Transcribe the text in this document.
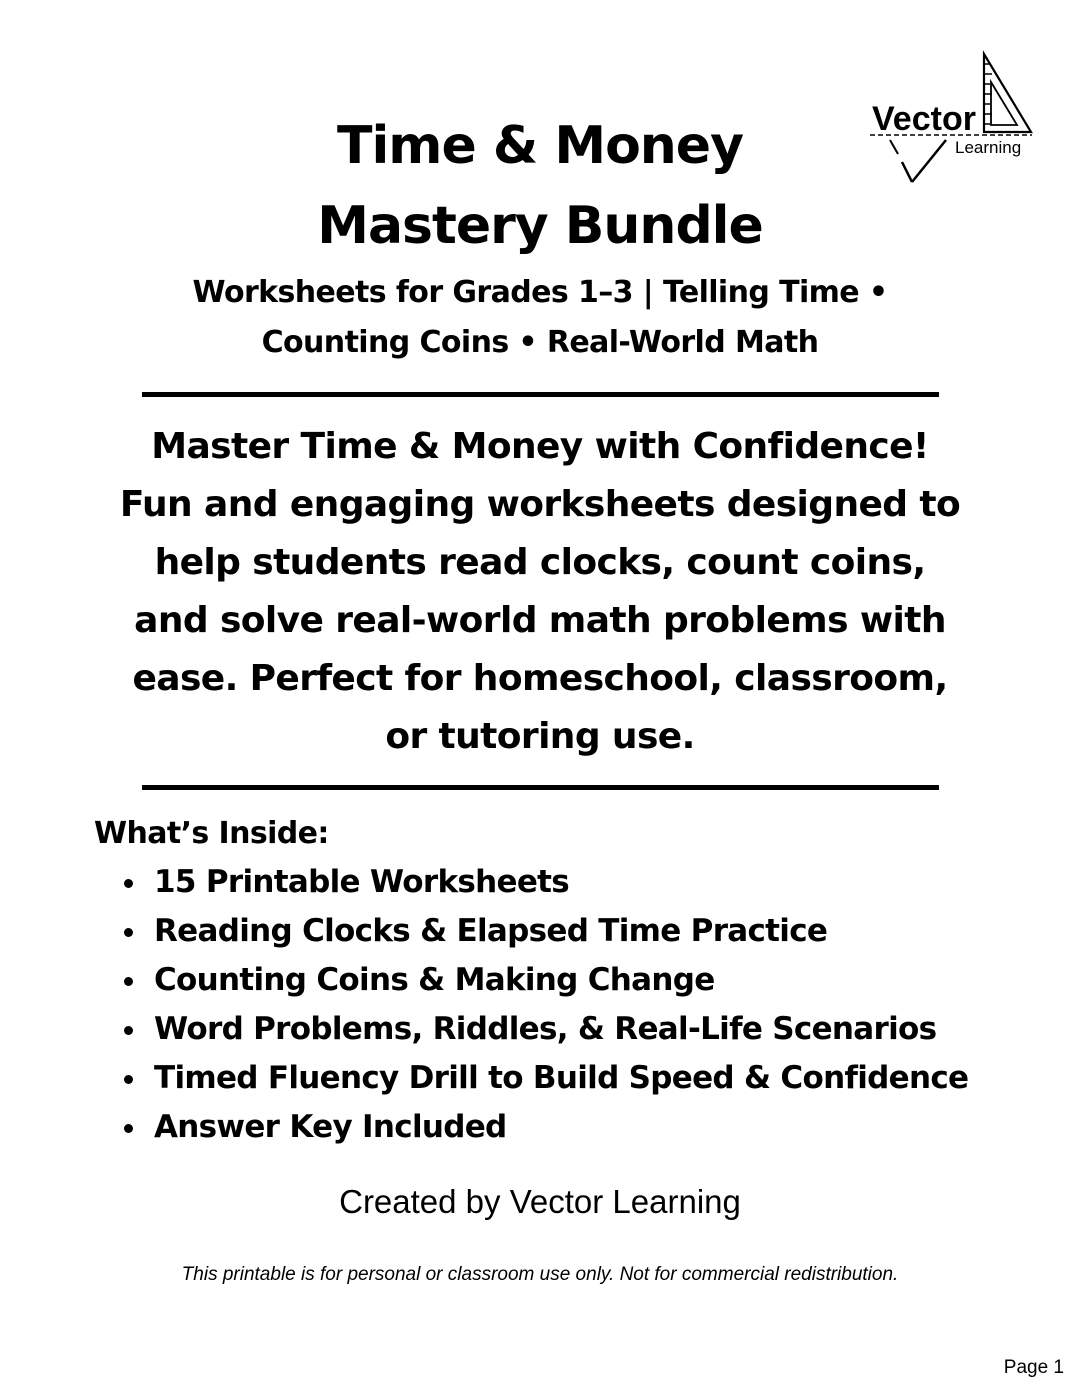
Vector
Learning
Time & Money
Mastery Bundle
Worksheets for Grades 1–3 | Telling Time •
Counting Coins • Real-World Math
Master Time & Money with Confidence!
Fun and engaging worksheets designed to
help students read clocks, count coins,
and solve real-world math problems with
ease. Perfect for homeschool, classroom,
or tutoring use.
What’s Inside:
15 Printable Worksheets
Reading Clocks & Elapsed Time Practice
Counting Coins & Making Change
Word Problems, Riddles, & Real-Life Scenarios
Timed Fluency Drill to Build Speed & Confidence
Answer Key Included
Created by Vector Learning
This printable is for personal or classroom use only. Not for commercial redistribution.
Page 1
